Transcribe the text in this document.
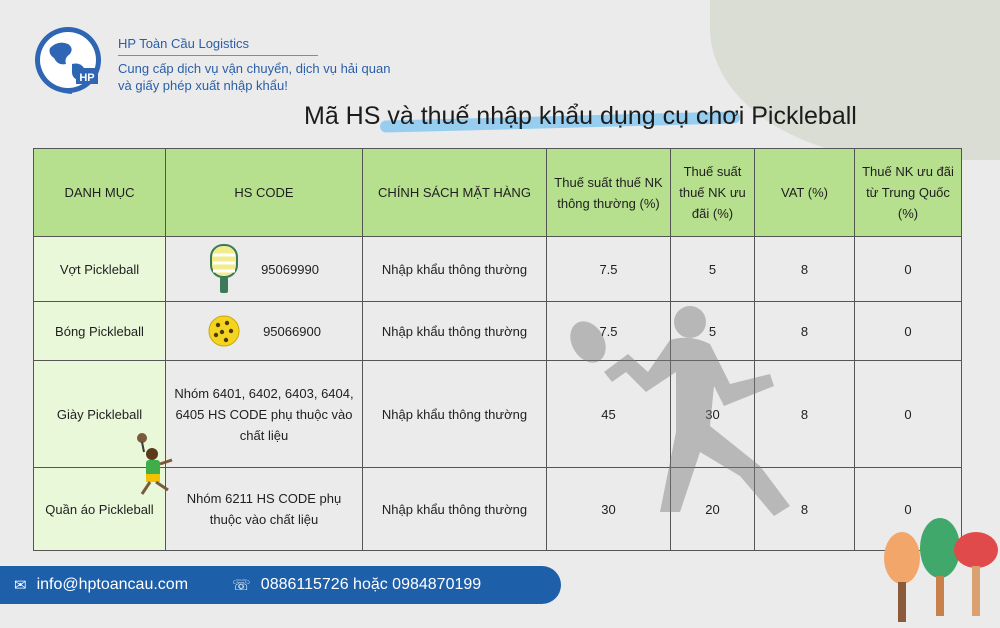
HP
HP Toàn Cầu Logistics
Cung cấp dịch vụ vận chuyển, dịch vụ hải quan
và giấy phép xuất nhập khẩu!
Mã HS và thuế nhập khẩu dụng cụ chơi Pickleball
DANH MỤC	HS CODE	CHÍNH SÁCH MẶT HÀNG	Thuế suất thuế NK thông thường (%)	Thuế suất thuế NK ưu đãi (%)	VAT (%)	Thuế NK ưu đãi từ Trung Quốc (%)
Vợt Pickleball	95069990	Nhập khẩu thông thường	7.5	5	8	0
Bóng Pickleball	95066900	Nhập khẩu thông thường	7.5	5	8	0
Giày Pickleball	Nhóm 6401, 6402, 6403, 6404, 6405 HS CODE phụ thuộc vào chất liệu	Nhập khẩu thông thường	45	30	8	0
Quần áo Pickleball	Nhóm 6211 HS CODE phụ thuộc vào chất liệu	Nhập khẩu thông thường	30	20	8	0
✉ info@hptoancau.com	☏ 0886115726 hoặc 0984870199
